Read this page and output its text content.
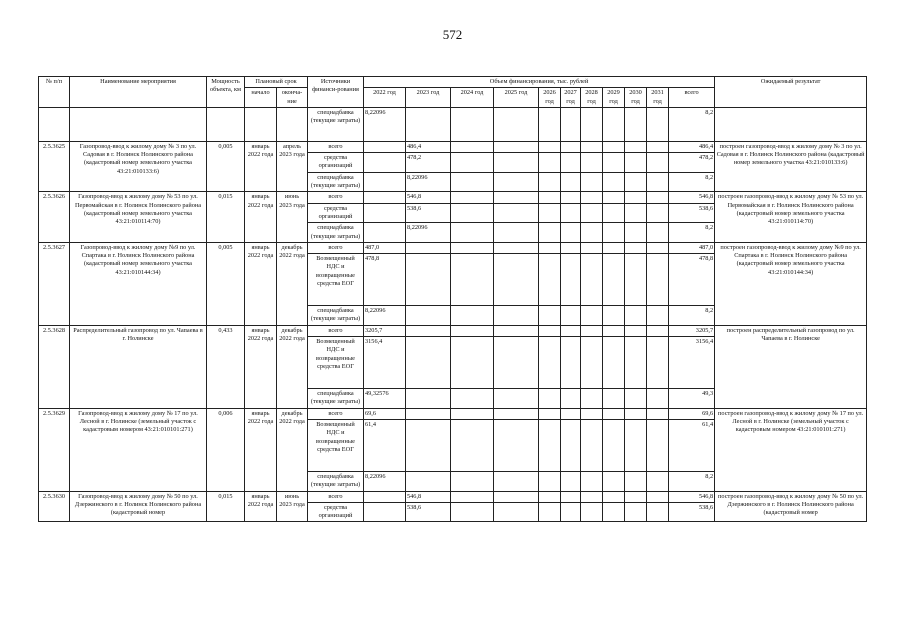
572
№ п/п	Наименование мероприятия	Мощность объекта, км	Плановый срок		Источники финанси-рования	Объем финансирования, тыс. рублей											Ожидаемый результат
			начало	оконча-ние		2022 год	2023 год	2024 год	2025 год	2026 год	2027 год	2028 год	2029 год	2030 год	2031 год	всего	

					спецнадбавка (текущие затраты)	8,22096										8,2	
2.5.3625	Газопровод-ввод к жилому дому № 3 по ул. Садовая в г. Нолинск Нолинского района (кадастровый номер земельного участка 43:21:010133:6)	0,005	январь 2022 года	апрель 2023 года	всего		486,4									486,4	построен газопровод-ввод к жилому дому № 3 по ул. Садовая в г. Нолинск Нолинского района (кадастровый номер земельного участка 43:21:010133:6)
					средства организаций		478,2									478,2	
					спецнадбавка (текущие затраты)		8,22096									8,2	
2.5.3626	Газопровод-ввод к жилому дому № 53 по ул. Первомайская в г. Нолинск Нолинского района (кадастровый номер земельного участка 43:21:010114:70)	0,015	январь 2022 года	июнь 2023 года	всего		546,8									546,8	построен газопровод-ввод к жилому дому № 53 по ул. Первомайская в г. Нолинск Нолинского района (кадастровый номер земельного участка 43:21:010114:70)
					средства организаций		538,6									538,6	
					спецнадбавка (текущие затраты)		8,22096									8,2	
2.5.3627	Газопровод-ввод к жилому дому №9 по ул. Спартака в г. Нолинск Нолинского района (кадастровый номер земельного участка 43:21:010144:34)	0,005	январь 2022 года	декабрь 2022 года	всего	487,0										487,0	построен газопровод-ввод к жилому дому №9 по ул. Спартака в г. Нолинск Нолинского района (кадастровый номер земельного участка 43:21:010144:34)
					Возмещенный НДС и возвращенные средства ЕОГ	478,8										478,8	
					спецнадбавка (текущие затраты)	8,22096										8,2	
2.5.3628	Распределительный газопровод по ул. Чапаева в г. Нолинске	0,433	январь 2022 года	декабрь 2022 года	всего	3205,7										3205,7	построен распределительный газопровод по ул. Чапаева в г. Нолинске
					Возмещенный НДС и возвращенные средства ЕОГ	3156,4										3156,4	
					спецнадбавка (текущие затраты)	49,32576										49,3	
2.5.3629	Газопровод-ввод к жилому дому № 17 по ул. Лесной в г. Нолинске (земельный участок с кадастровым номером 43:21:010101:271)	0,006	январь 2022 года	декабрь 2022 года	всего	69,6										69,6	построен газопровод-ввод к жилому дому № 17 по ул. Лесной в г. Нолинске (земельный участок с кадастровым номером 43:21:010101:271)
					Возмещенный НДС и возвращенные средства ЕОГ	61,4										61,4	
					спецнадбавка (текущие затраты)	8,22096										8,2	
2.5.3630	Газопровод-ввод к жилому дому № 50 по ул. Дзержинского в г. Нолинск Нолинского района (кадастровый номер	0,015	январь 2022 года	июнь 2023 года	всего		546,8									546,8	построен газопровод-ввод к жилому дому № 50 по ул. Дзержинского в г. Нолинск Нолинского района (кадастровый номер
					средства организаций		538,6									538,6	
